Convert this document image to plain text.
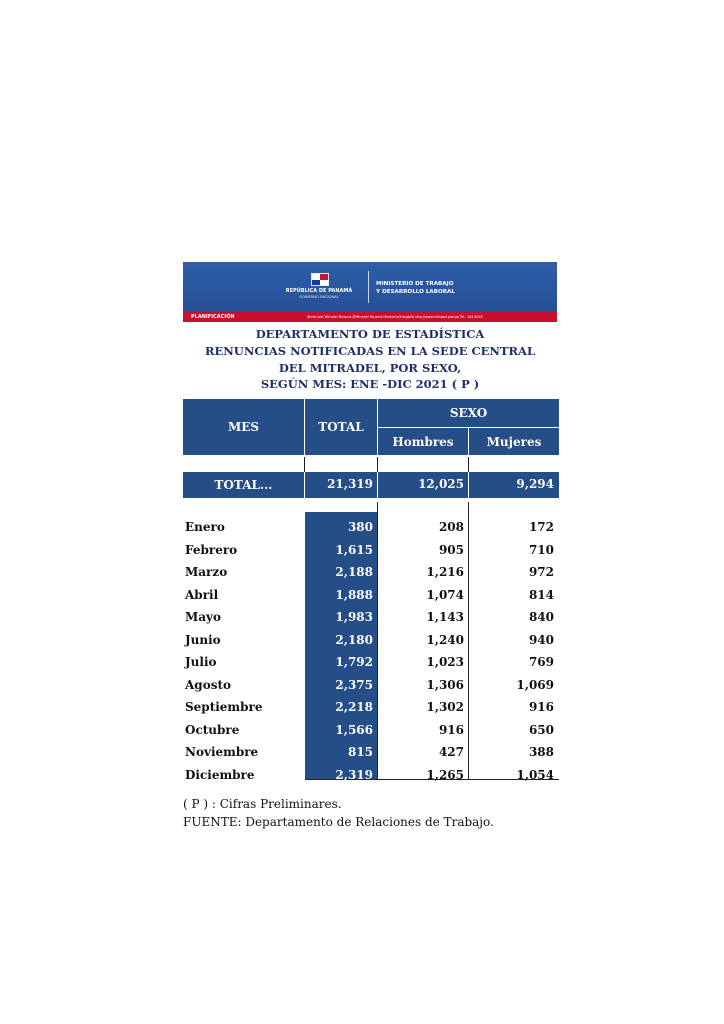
REPÚBLICA DE PANAMÁ
GOBIERNO NACIONAL
MINISTERIO DE TRABAJO
Y DESARROLLO LABORAL
PLANIFICACIÓN	@mitradel Mitradel Panamá @Mitradel Panamá MinisterioTrabajoPa http://www.mitradel.gob.pa Tel.: 264-6245
DEPARTAMENTO DE ESTADÍSTICA
RENUNCIAS NOTIFICADAS EN LA SEDE CENTRAL
DEL MITRADEL, POR SEXO,
SEGÚN MES: ENE -DIC 2021 ( P )
MES	TOTAL
SEXO
Hombres	Mujeres
TOTAL...	21,319	12,025	9,294
Enero	380	208	172
Febrero	1,615	905	710
Marzo	2,188	1,216	972
Abril	1,888	1,074	814
Mayo	1,983	1,143	840
Junio	2,180	1,240	940
Julio	1,792	1,023	769
Agosto	2,375	1,306	1,069
Septiembre	2,218	1,302	916
Octubre	1,566	916	650
Noviembre	815	427	388
Diciembre	2,319	1,265	1,054
( P ) : Cifras Preliminares.
FUENTE: Departamento de Relaciones de Trabajo.
